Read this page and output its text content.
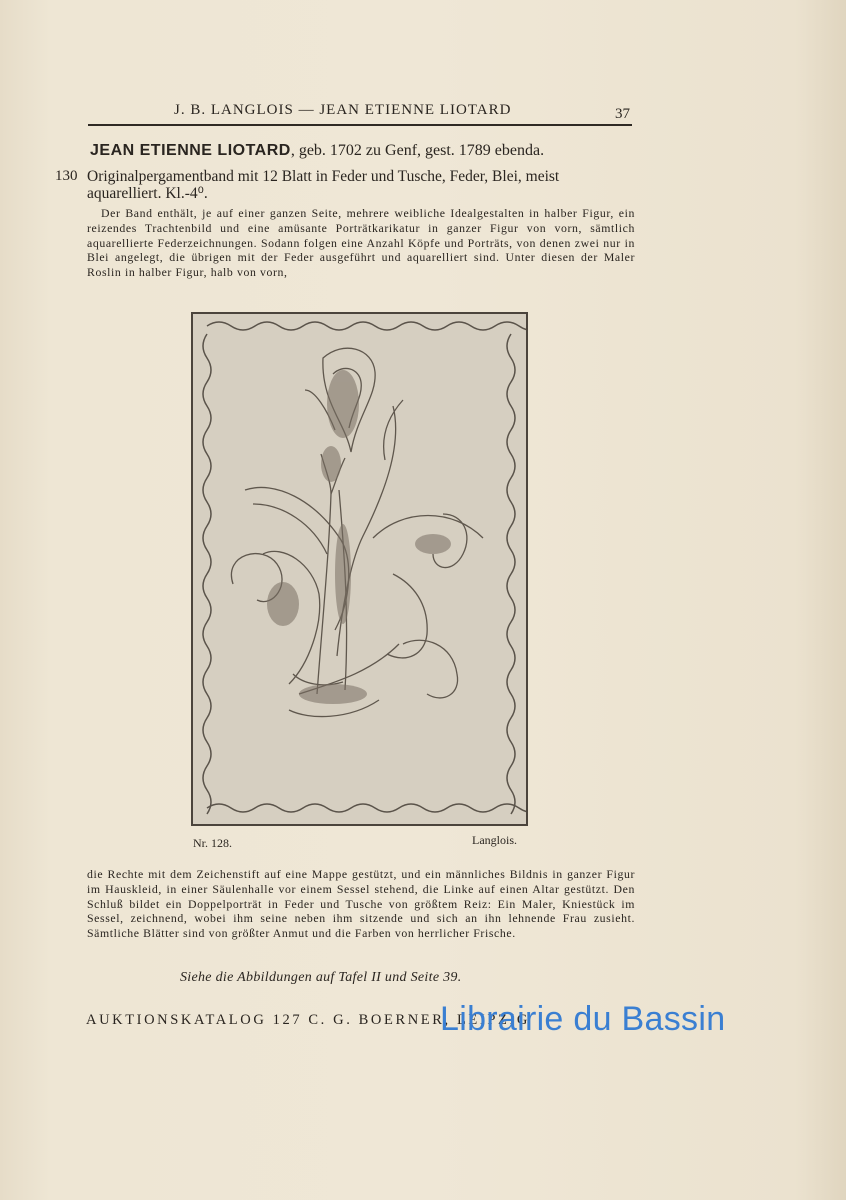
J. B. LANGLOIS — JEAN ETIENNE LIOTARD	37
JEAN ETIENNE LIOTARD, geb. 1702 zu Genf, gest. 1789 ebenda.
130 Originalpergamentband mit 12 Blatt in Feder und Tusche, Feder, Blei, meist aquarelliert. Kl.-4⁰.
Der Band enthält, je auf einer ganzen Seite, mehrere weibliche Idealgestalten in halber Figur, ein reizendes Trachtenbild und eine amüsante Porträtkarikatur in ganzer Figur von vorn, sämtlich aquarellierte Federzeichnungen. Sodann folgen eine Anzahl Köpfe und Porträts, von denen zwei nur in Blei angelegt, die übrigen mit der Feder ausgeführt und aquarelliert sind. Unter diesen der Maler Roslin in halber Figur, halb von vorn,
Nr. 128.	Langlois.
die Rechte mit dem Zeichenstift auf eine Mappe gestützt, und ein männliches Bildnis in ganzer Figur im Hauskleid, in einer Säulenhalle vor einem Sessel stehend, die Linke auf einen Altar gestützt. Den Schluß bildet ein Doppelporträt in Feder und Tusche von größtem Reiz: Ein Maler, Kniestück im Sessel, zeichnend, wobei ihm seine neben ihm sitzende und sich an ihn lehnende Frau zusieht. Sämtliche Blätter sind von größter Anmut und die Farben von herrlicher Frische.
Siehe die Abbildungen auf Tafel II und Seite 39.
AUKTIONSKATALOG 127 C. G. BOERNER, LEIPZIG
Librairie du Bassin
